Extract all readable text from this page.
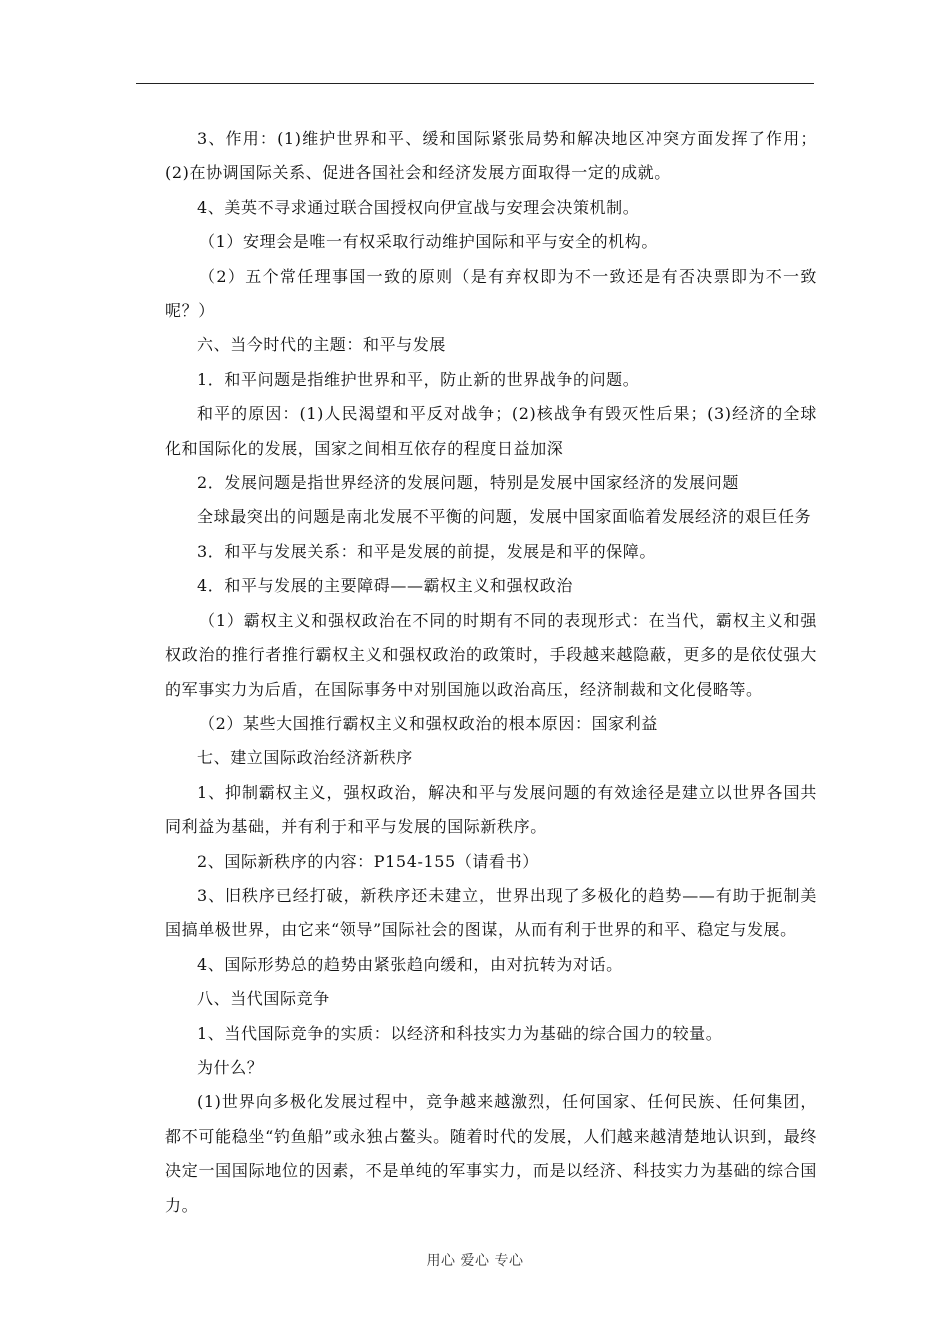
3、作用：(1)维护世界和平、缓和国际紧张局势和解决地区冲突方面发挥了作用；(2)在协调国际关系、促进各国社会和经济发展方面取得一定的成就。

4、美英不寻求通过联合国授权向伊宣战与安理会决策机制。

（1）安理会是唯一有权采取行动维护国际和平与安全的机构。

（2）五个常任理事国一致的原则（是有弃权即为不一致还是有否决票即为不一致呢？）

六、当今时代的主题：和平与发展

1．和平问题是指维护世界和平，防止新的世界战争的问题。

和平的原因：(1)人民渴望和平反对战争；(2)核战争有毁灭性后果；(3)经济的全球化和国际化的发展，国家之间相互依存的程度日益加深

2．发展问题是指世界经济的发展问题，特别是发展中国家经济的发展问题

全球最突出的问题是南北发展不平衡的问题，发展中国家面临着发展经济的艰巨任务

3．和平与发展关系：和平是发展的前提，发展是和平的保障。

4．和平与发展的主要障碍——霸权主义和强权政治

（1）霸权主义和强权政治在不同的时期有不同的表现形式：在当代，霸权主义和强权政治的推行者推行霸权主义和强权政治的政策时，手段越来越隐蔽，更多的是依仗强大的军事实力为后盾，在国际事务中对别国施以政治高压，经济制裁和文化侵略等。

（2）某些大国推行霸权主义和强权政治的根本原因：国家利益

七、建立国际政治经济新秩序

1、抑制霸权主义，强权政治，解决和平与发展问题的有效途径是建立以世界各国共同利益为基础，并有利于和平与发展的国际新秩序。

2、国际新秩序的内容：P154-155（请看书）

3、旧秩序已经打破，新秩序还未建立，世界出现了多极化的趋势——有助于扼制美国搞单极世界，由它来“领导”国际社会的图谋，从而有利于世界的和平、稳定与发展。

4、国际形势总的趋势由紧张趋向缓和，由对抗转为对话。

八、当代国际竞争

1、当代国际竞争的实质：以经济和科技实力为基础的综合国力的较量。

为什么？

(1)世界向多极化发展过程中，竞争越来越激烈，任何国家、任何民族、任何集团，都不可能稳坐“钓鱼船”或永独占鳌头。随着时代的发展，人们越来越清楚地认识到，最终决定一国国际地位的因素，不是单纯的军事实力，而是以经济、科技实力为基础的综合国力。

用心 爱心 专心
